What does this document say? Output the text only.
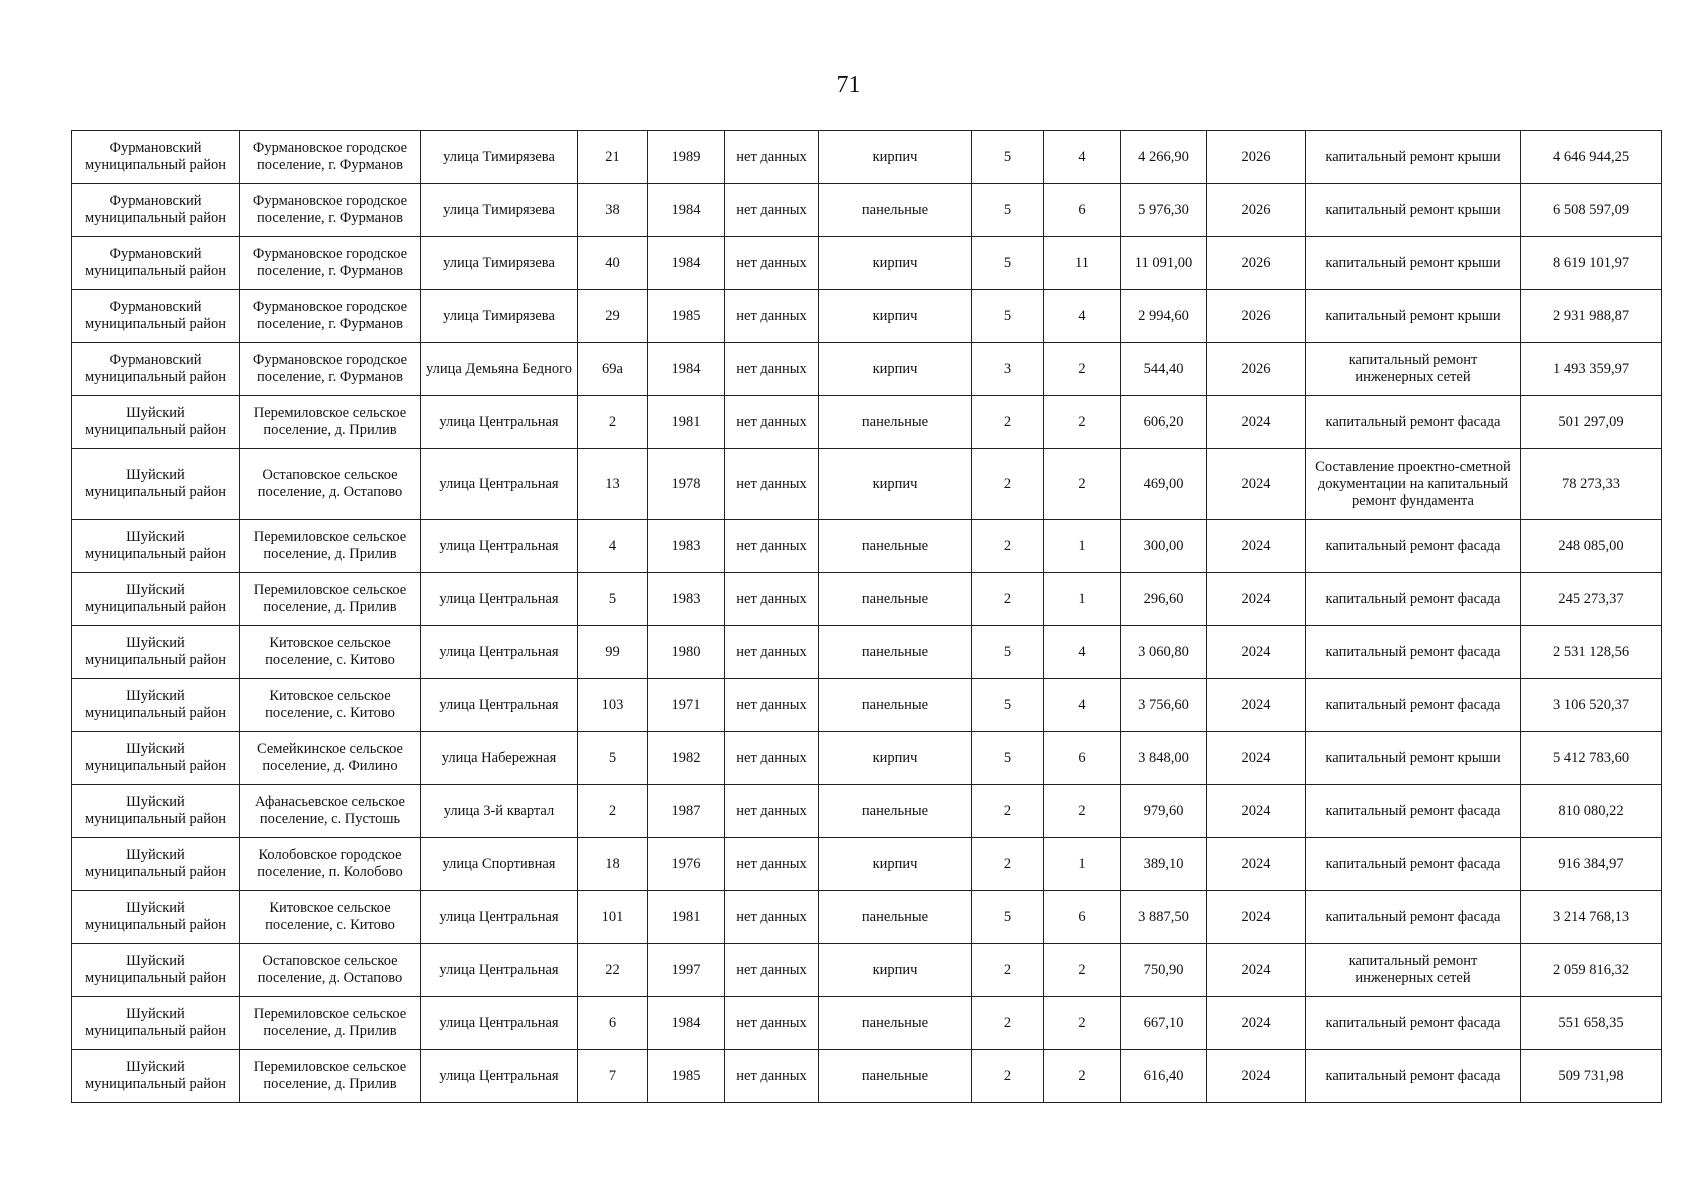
71
Фурмановский муниципальный район	Фурмановское городское поселение, г. Фурманов	улица Тимирязева	21	1989	нет данных	кирпич	5	4	4 266,90	2026	капитальный ремонт крыши	4 646 944,25
Фурмановский муниципальный район	Фурмановское городское поселение, г. Фурманов	улица Тимирязева	38	1984	нет данных	панельные	5	6	5 976,30	2026	капитальный ремонт крыши	6 508 597,09
Фурмановский муниципальный район	Фурмановское городское поселение, г. Фурманов	улица Тимирязева	40	1984	нет данных	кирпич	5	11	11 091,00	2026	капитальный ремонт крыши	8 619 101,97
Фурмановский муниципальный район	Фурмановское городское поселение, г. Фурманов	улица Тимирязева	29	1985	нет данных	кирпич	5	4	2 994,60	2026	капитальный ремонт крыши	2 931 988,87
Фурмановский муниципальный район	Фурмановское городское поселение, г. Фурманов	улица Демьяна Бедного	69а	1984	нет данных	кирпич	3	2	544,40	2026	капитальный ремонт инженерных сетей	1 493 359,97
Шуйский муниципальный район	Перемиловское сельское поселение, д. Прилив	улица Центральная	2	1981	нет данных	панельные	2	2	606,20	2024	капитальный ремонт фасада	501 297,09
Шуйский муниципальный район	Остаповское сельское поселение, д. Остапово	улица Центральная	13	1978	нет данных	кирпич	2	2	469,00	2024	Составление проектно-сметной документации на капитальный ремонт фундамента	78 273,33
Шуйский муниципальный район	Перемиловское сельское поселение, д. Прилив	улица Центральная	4	1983	нет данных	панельные	2	1	300,00	2024	капитальный ремонт фасада	248 085,00
Шуйский муниципальный район	Перемиловское сельское поселение, д. Прилив	улица Центральная	5	1983	нет данных	панельные	2	1	296,60	2024	капитальный ремонт фасада	245 273,37
Шуйский муниципальный район	Китовское сельское поселение, с. Китово	улица Центральная	99	1980	нет данных	панельные	5	4	3 060,80	2024	капитальный ремонт фасада	2 531 128,56
Шуйский муниципальный район	Китовское сельское поселение, с. Китово	улица Центральная	103	1971	нет данных	панельные	5	4	3 756,60	2024	капитальный ремонт фасада	3 106 520,37
Шуйский муниципальный район	Семейкинское сельское поселение, д. Филино	улица Набережная	5	1982	нет данных	кирпич	5	6	3 848,00	2024	капитальный ремонт крыши	5 412 783,60
Шуйский муниципальный район	Афанасьевское сельское поселение, с. Пустошь	улица 3-й квартал	2	1987	нет данных	панельные	2	2	979,60	2024	капитальный ремонт фасада	810 080,22
Шуйский муниципальный район	Колобовское городское поселение, п. Колобово	улица Спортивная	18	1976	нет данных	кирпич	2	1	389,10	2024	капитальный ремонт фасада	916 384,97
Шуйский муниципальный район	Китовское сельское поселение, с. Китово	улица Центральная	101	1981	нет данных	панельные	5	6	3 887,50	2024	капитальный ремонт фасада	3 214 768,13
Шуйский муниципальный район	Остаповское сельское поселение, д. Остапово	улица Центральная	22	1997	нет данных	кирпич	2	2	750,90	2024	капитальный ремонт инженерных сетей	2 059 816,32
Шуйский муниципальный район	Перемиловское сельское поселение, д. Прилив	улица Центральная	6	1984	нет данных	панельные	2	2	667,10	2024	капитальный ремонт фасада	551 658,35
Шуйский муниципальный район	Перемиловское сельское поселение, д. Прилив	улица Центральная	7	1985	нет данных	панельные	2	2	616,40	2024	капитальный ремонт фасада	509 731,98
